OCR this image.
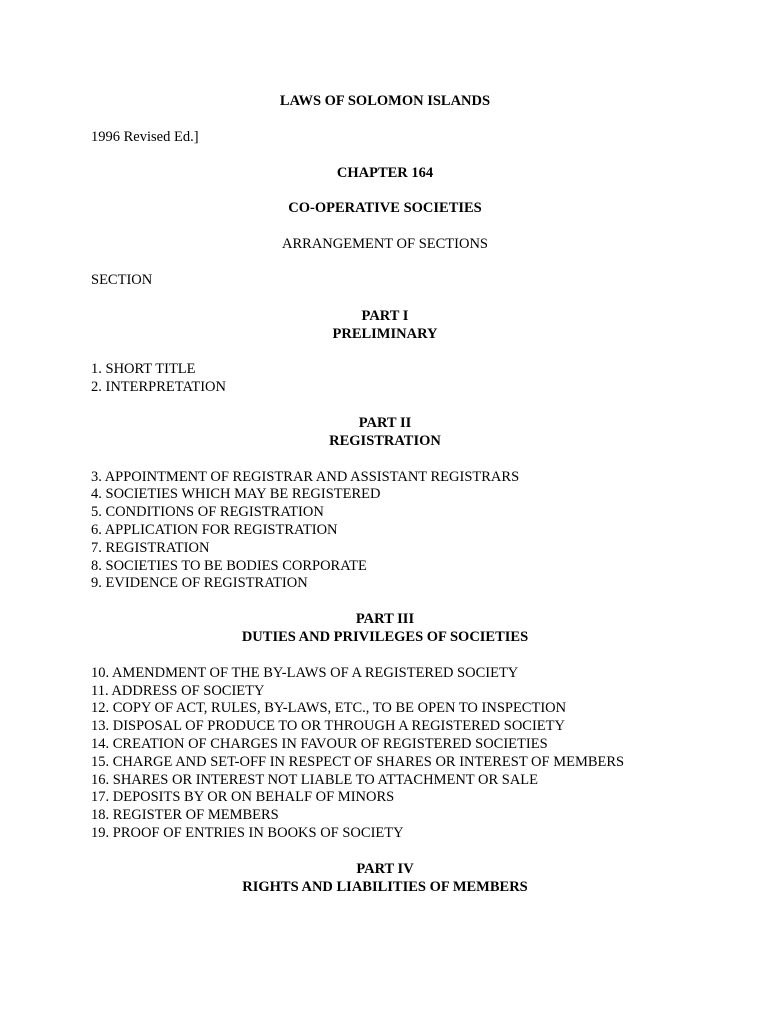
LAWS OF SOLOMON ISLANDS

1996 Revised Ed.]

CHAPTER 164

CO-OPERATIVE SOCIETIES

ARRANGEMENT OF SECTIONS

SECTION

PART I
PRELIMINARY
1. SHORT TITLE
2. INTERPRETATION
PART II
REGISTRATION
3. APPOINTMENT OF REGISTRAR AND ASSISTANT REGISTRARS
4. SOCIETIES WHICH MAY BE REGISTERED
5. CONDITIONS OF REGISTRATION
6. APPLICATION FOR REGISTRATION
7. REGISTRATION
8. SOCIETIES TO BE BODIES CORPORATE
9. EVIDENCE OF REGISTRATION
PART III
DUTIES AND PRIVILEGES OF SOCIETIES
10. AMENDMENT OF THE BY-LAWS OF A REGISTERED SOCIETY
11. ADDRESS OF SOCIETY
12. COPY OF ACT, RULES, BY-LAWS, ETC., TO BE OPEN TO INSPECTION
13. DISPOSAL OF PRODUCE TO OR THROUGH A REGISTERED SOCIETY
14. CREATION OF CHARGES IN FAVOUR OF REGISTERED SOCIETIES
15. CHARGE AND SET-OFF IN RESPECT OF SHARES OR INTEREST OF MEMBERS
16. SHARES OR INTEREST NOT LIABLE TO ATTACHMENT OR SALE
17. DEPOSITS BY OR ON BEHALF OF MINORS
18. REGISTER OF MEMBERS
19. PROOF OF ENTRIES IN BOOKS OF SOCIETY
PART IV
RIGHTS AND LIABILITIES OF MEMBERS
